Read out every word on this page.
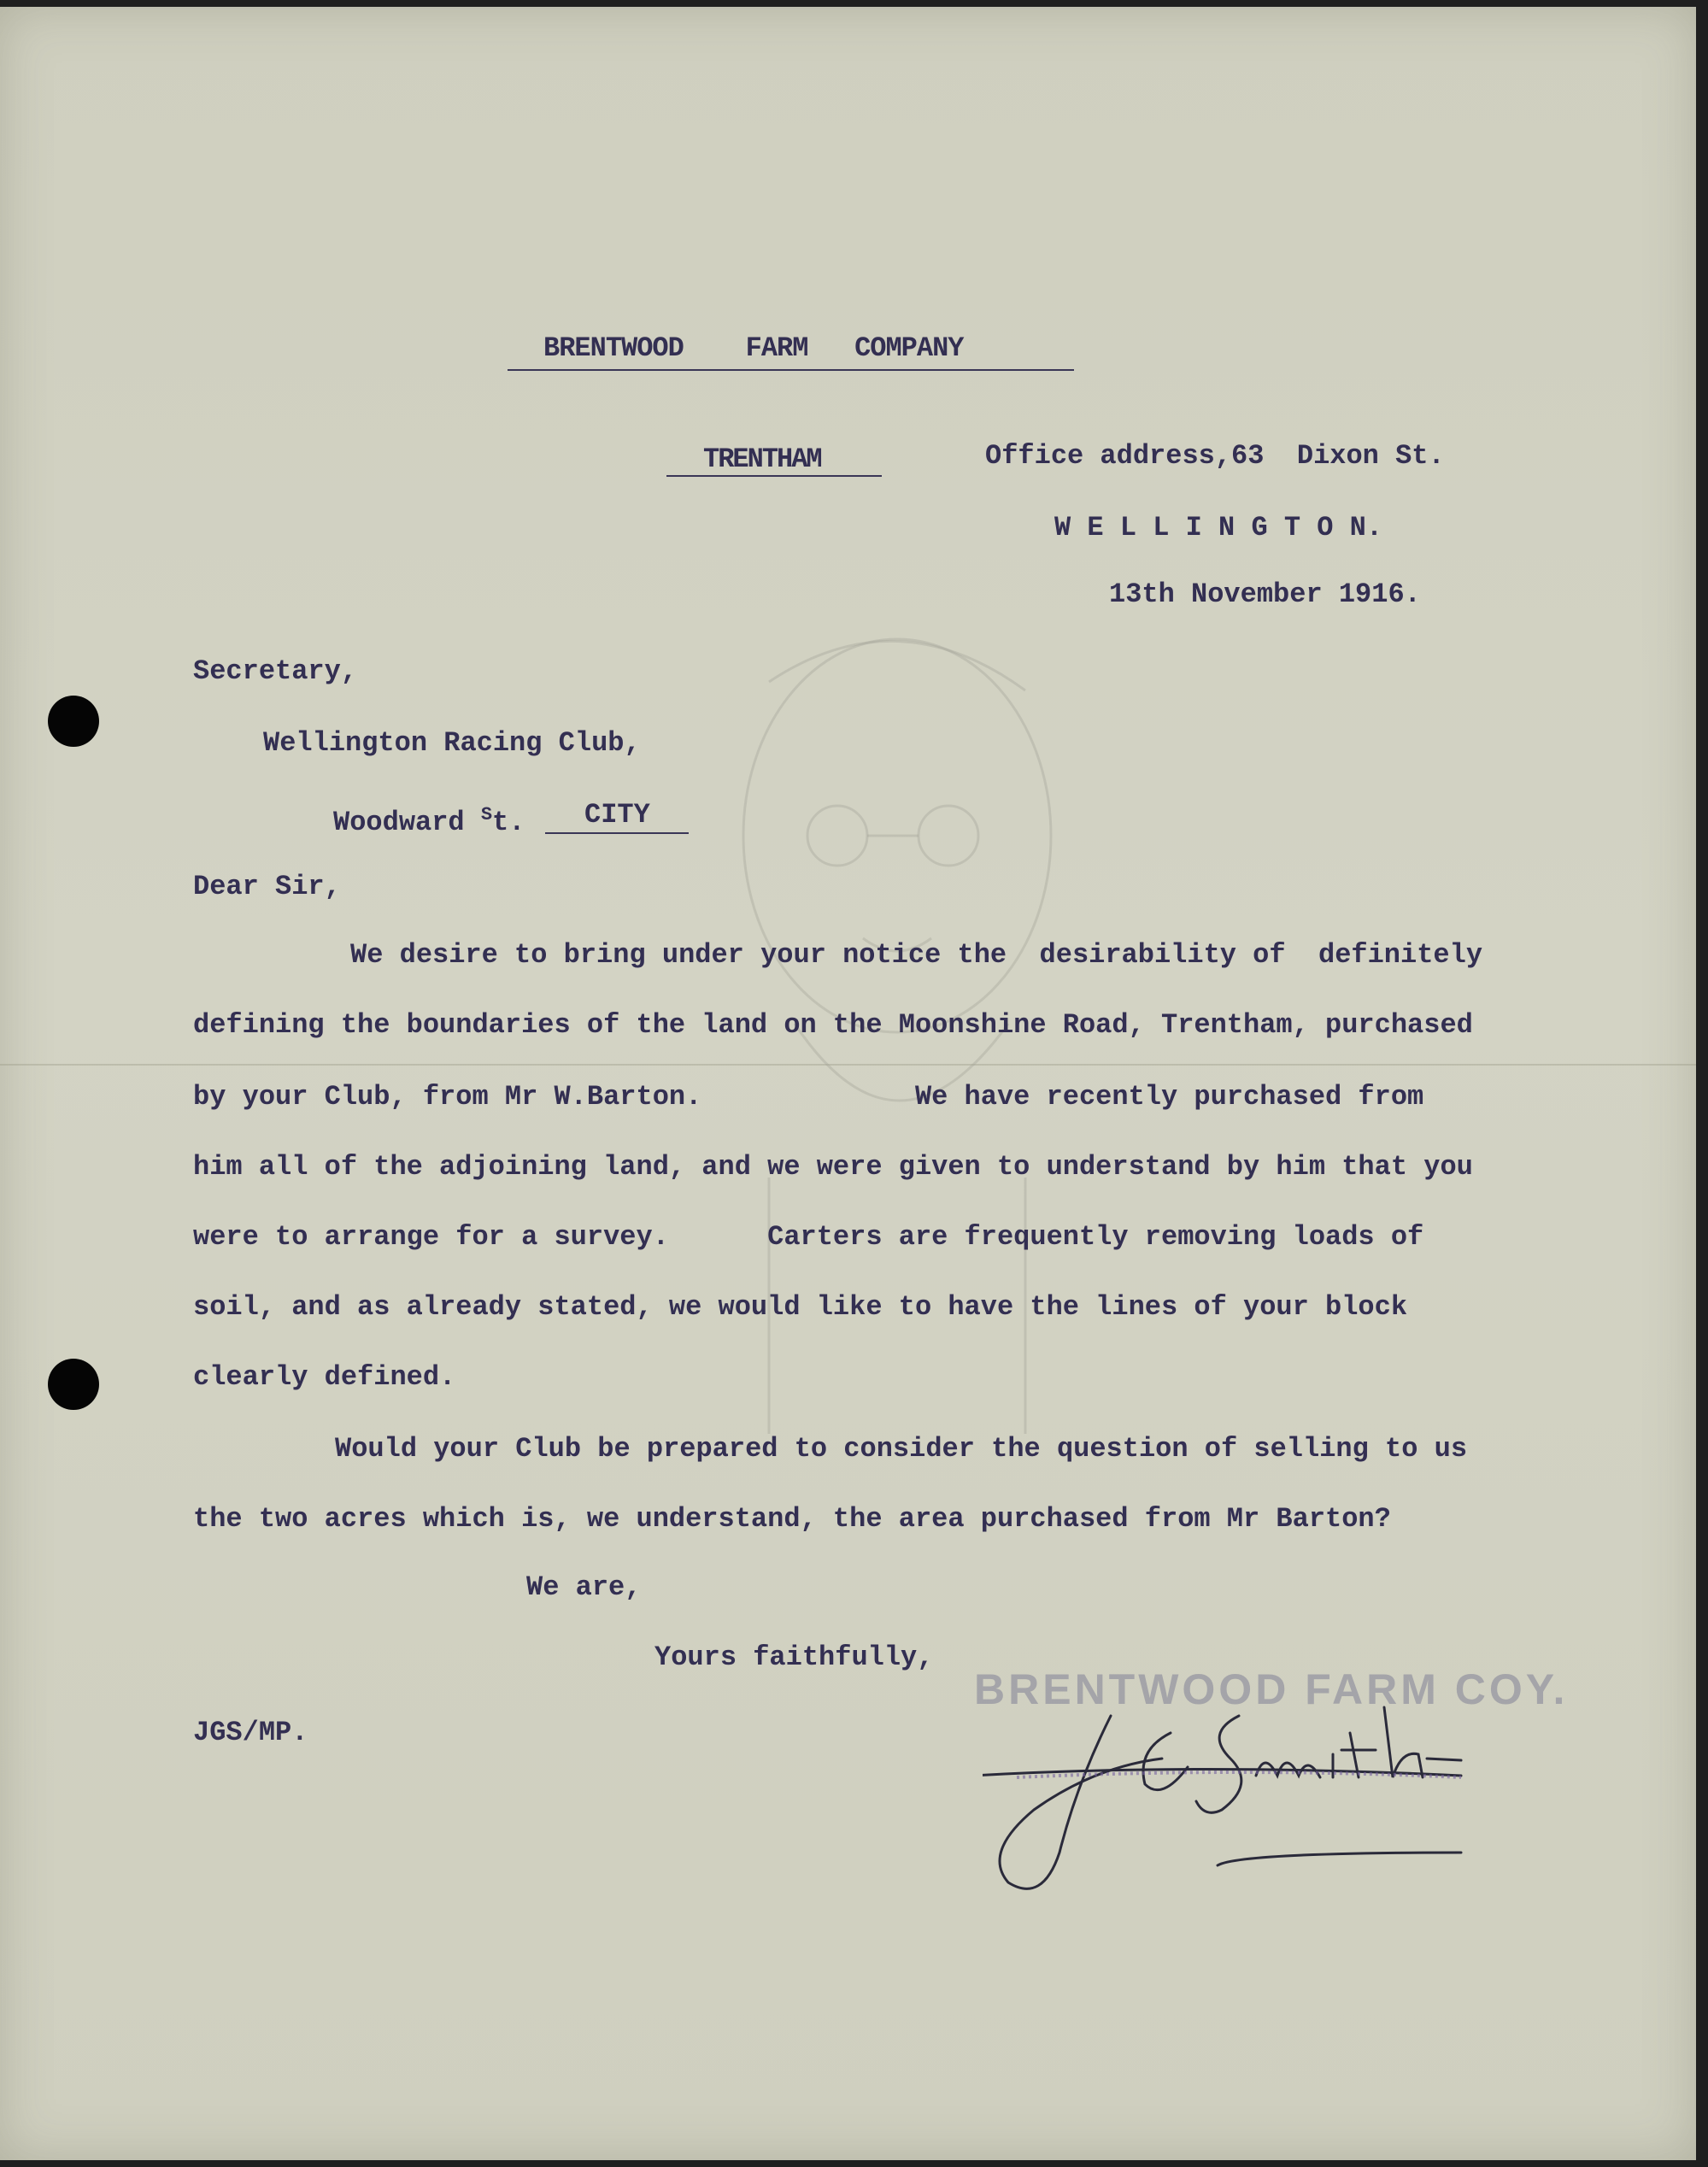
BRENTWOOD    FARM   COMPANY

TRENTHAM	Office address,63  Dixon St.

W E L L I N G T O N.

13th November 1916.

Secretary,

Wellington Racing Club,

Woodward $^S$t. CITY

Dear Sir,

We desire to bring under your notice the  desirability of  definitely

defining the boundaries of the land on the Moonshine Road, Trentham, purchased

by your Club, from Mr W.Barton.             We have recently purchased from

him all of the adjoining land, and we were given to understand by him that you

were to arrange for a survey.      Carters are frequently removing loads of

soil, and as already stated, we would like to have the lines of your block

clearly defined.

Would your Club be prepared to consider the question of selling to us

the two acres which is, we understand, the area purchased from Mr Barton?

We are,

Yours faithfully,

JGS/MP.

BRENTWOOD FARM COY.
